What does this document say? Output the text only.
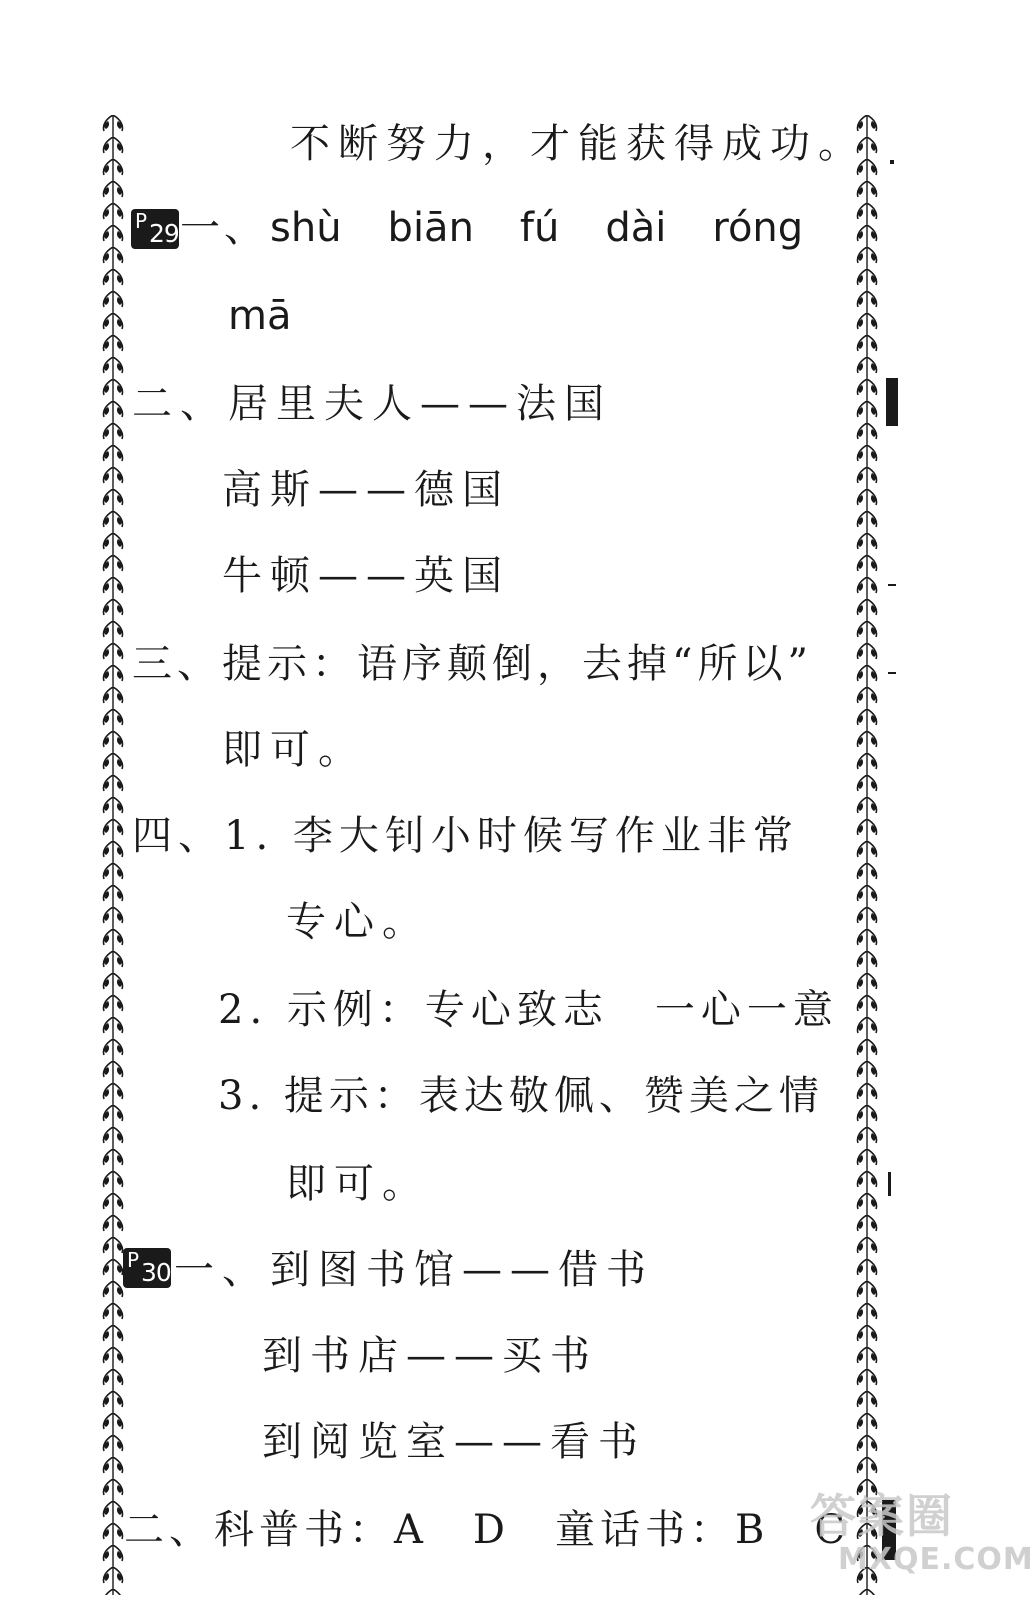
不断努力，才能获得成功。
P 29 一、shù biān fú dài róng
mā
二、居里夫人——法国
高斯——德国
牛顿——英国
三、提示：语序颠倒，去掉“所以”
即可。
四、1. 李大钊小时候写作业非常
专心。
2. 示例：专心致志　一心一意
3. 提示：表达敬佩、赞美之情
即可。
P 30 一、到图书馆——借书
到书店——买书
到阅览室——看书
二、科普书：A　D　童话书：B　C
答案圈
MXQE.COM
